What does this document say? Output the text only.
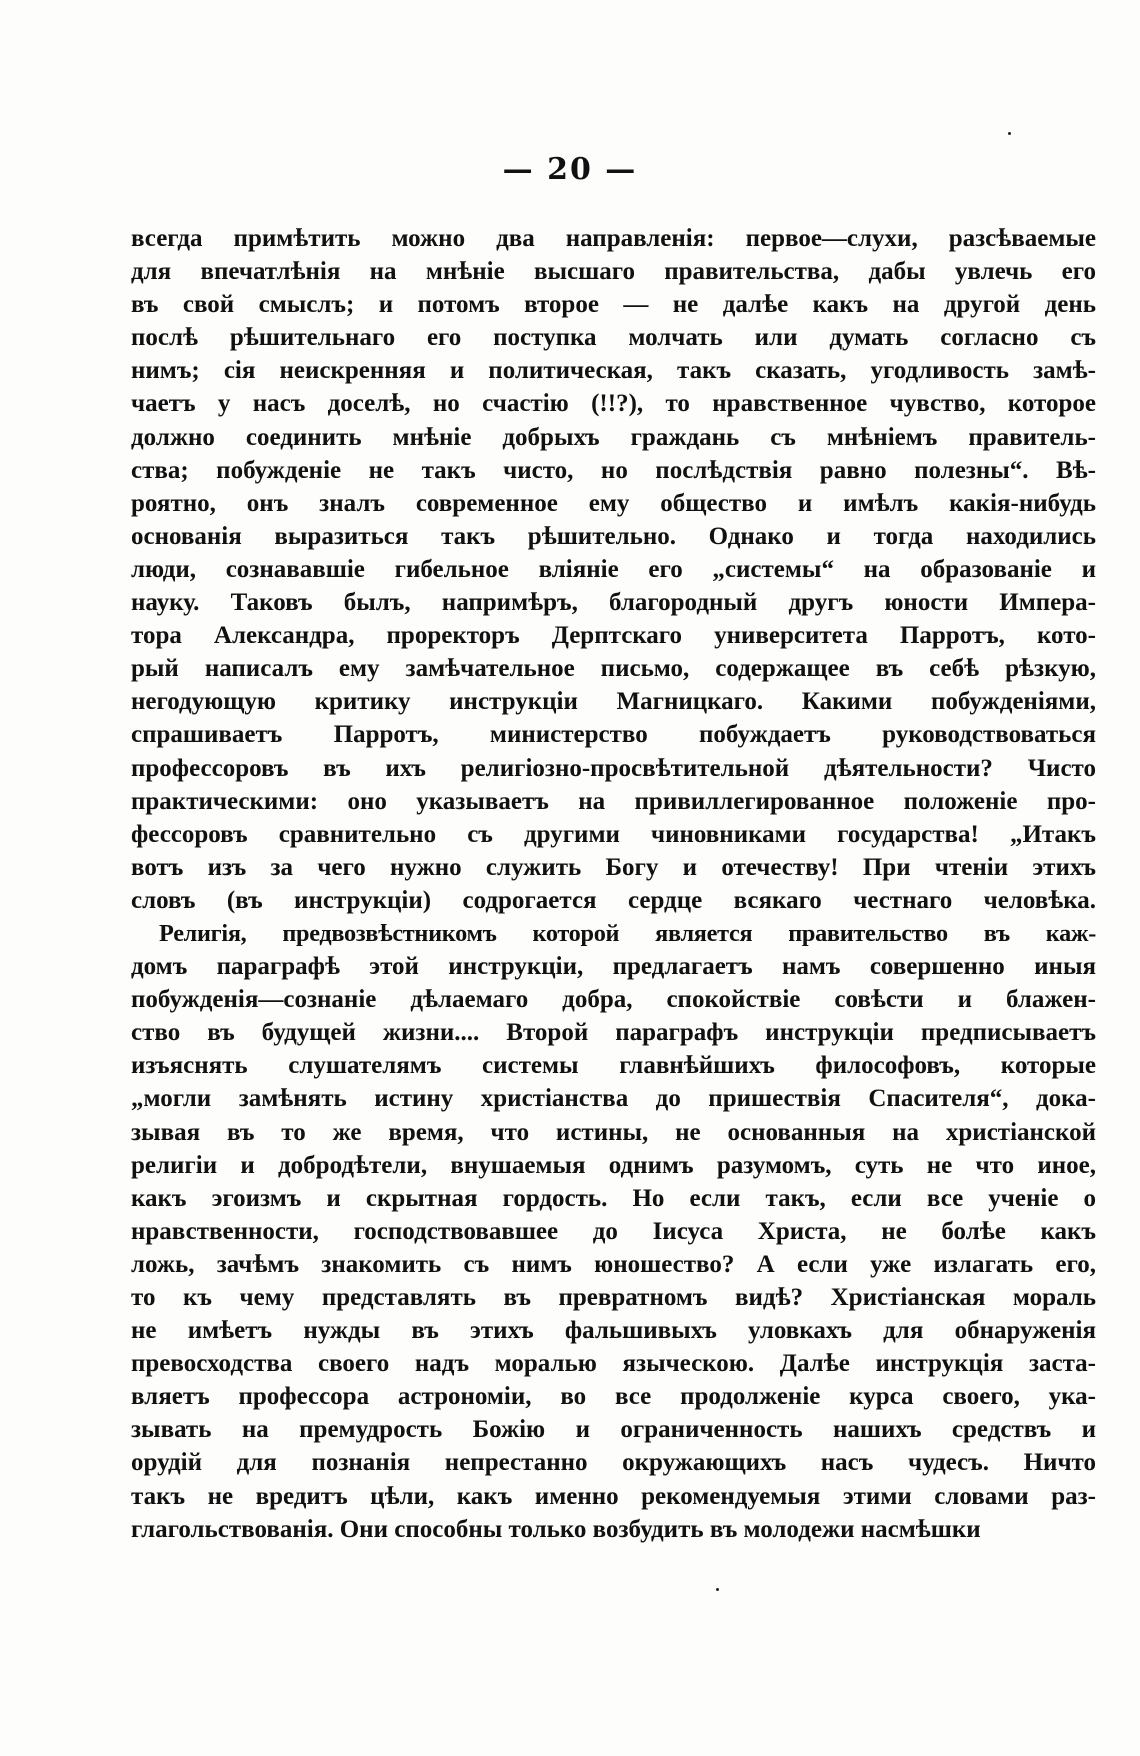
— 20 —
всегда примѣтить можно два направленія: первое—слухи, разсѣваемые
для впечатлѣнія на мнѣніе высшаго правительства, дабы увлечь его
въ свой смыслъ; и потомъ второе — не далѣе какъ на другой день
послѣ рѣшительнаго его поступка молчать или думать согласно съ
нимъ; сія неискренняя и политическая, такъ сказать, угодливость замѣ-
чаетъ у насъ доселѣ, но счастію (!!?), то нравственное чувство, которое
должно соединить мнѣніе добрыхъ граждань съ мнѣніемъ правитель-
ства; побужденіе не такъ чисто, но послѣдствія равно полезны“. Вѣ-
роятно, онъ зналъ современное ему общество и имѣлъ какія-нибудь
основанія выразиться такъ рѣшительно. Однако и тогда находились
люди, сознававшіе гибельное вліяніе его „системы“ на образованіе и
науку. Таковъ былъ, напримѣръ, благородный другъ юности Импера-
тора Александра, проректоръ Дерптскаго университета Парротъ, кото-
рый написалъ ему замѣчательное письмо, содержащее въ себѣ рѣзкую,
негодующую критику инструкціи Магницкаго. Какими побужденіями,
спрашиваетъ Парротъ, министерство побуждаетъ руководствоваться
профессоровъ въ ихъ религіозно-просвѣтительной дѣятельности? Чисто
практическими: оно указываетъ на привиллегированное положеніе про-
фессоровъ сравнительно съ другими чиновниками государства! „Итакъ
вотъ изъ за чего нужно служить Богу и отечеству! При чтеніи этихъ
словъ (въ инструкціи) содрогается сердце всякаго честнаго человѣка.
Религія, предвозвѣстникомъ которой является правительство въ каж-
домъ параграфѣ этой инструкціи, предлагаетъ намъ совершенно иныя
побужденія—сознаніе дѣлаемаго добра, спокойствіе совѣсти и блажен-
ство въ будущей жизни.... Второй параграфъ инструкціи предписываетъ
изъяснять слушателямъ системы главнѣйшихъ философовъ, которые
„могли замѣнять истину христіанства до пришествія Спасителя“, дока-
зывая въ то же время, что истины, не основанныя на христіанской
религіи и добродѣтели, внушаемыя однимъ разумомъ, суть не что иное,
какъ эгоизмъ и скрытная гордость. Но если такъ, если все ученіе о
нравственности, господствовавшее до Іисуса Христа, не болѣе какъ
ложь, зачѣмъ знакомить съ нимъ юношество? А если уже излагать его,
то къ чему представлять въ превратномъ видѣ? Христіанская мораль
не имѣетъ нужды въ этихъ фальшивыхъ уловкахъ для обнаруженія
превосходства своего надъ моралью языческою. Далѣе инструкція заста-
вляетъ профессора астрономіи, во все продолженіе курса своего, ука-
зывать на премудрость Божію и ограниченность нашихъ средствъ и
орудій для познанія непрестанно окружающихъ насъ чудесъ. Ничто
такъ не вредитъ цѣли, какъ именно рекомендуемыя этими словами раз-
глагольствованія. Они способны только возбудить въ молодежи насмѣшки
